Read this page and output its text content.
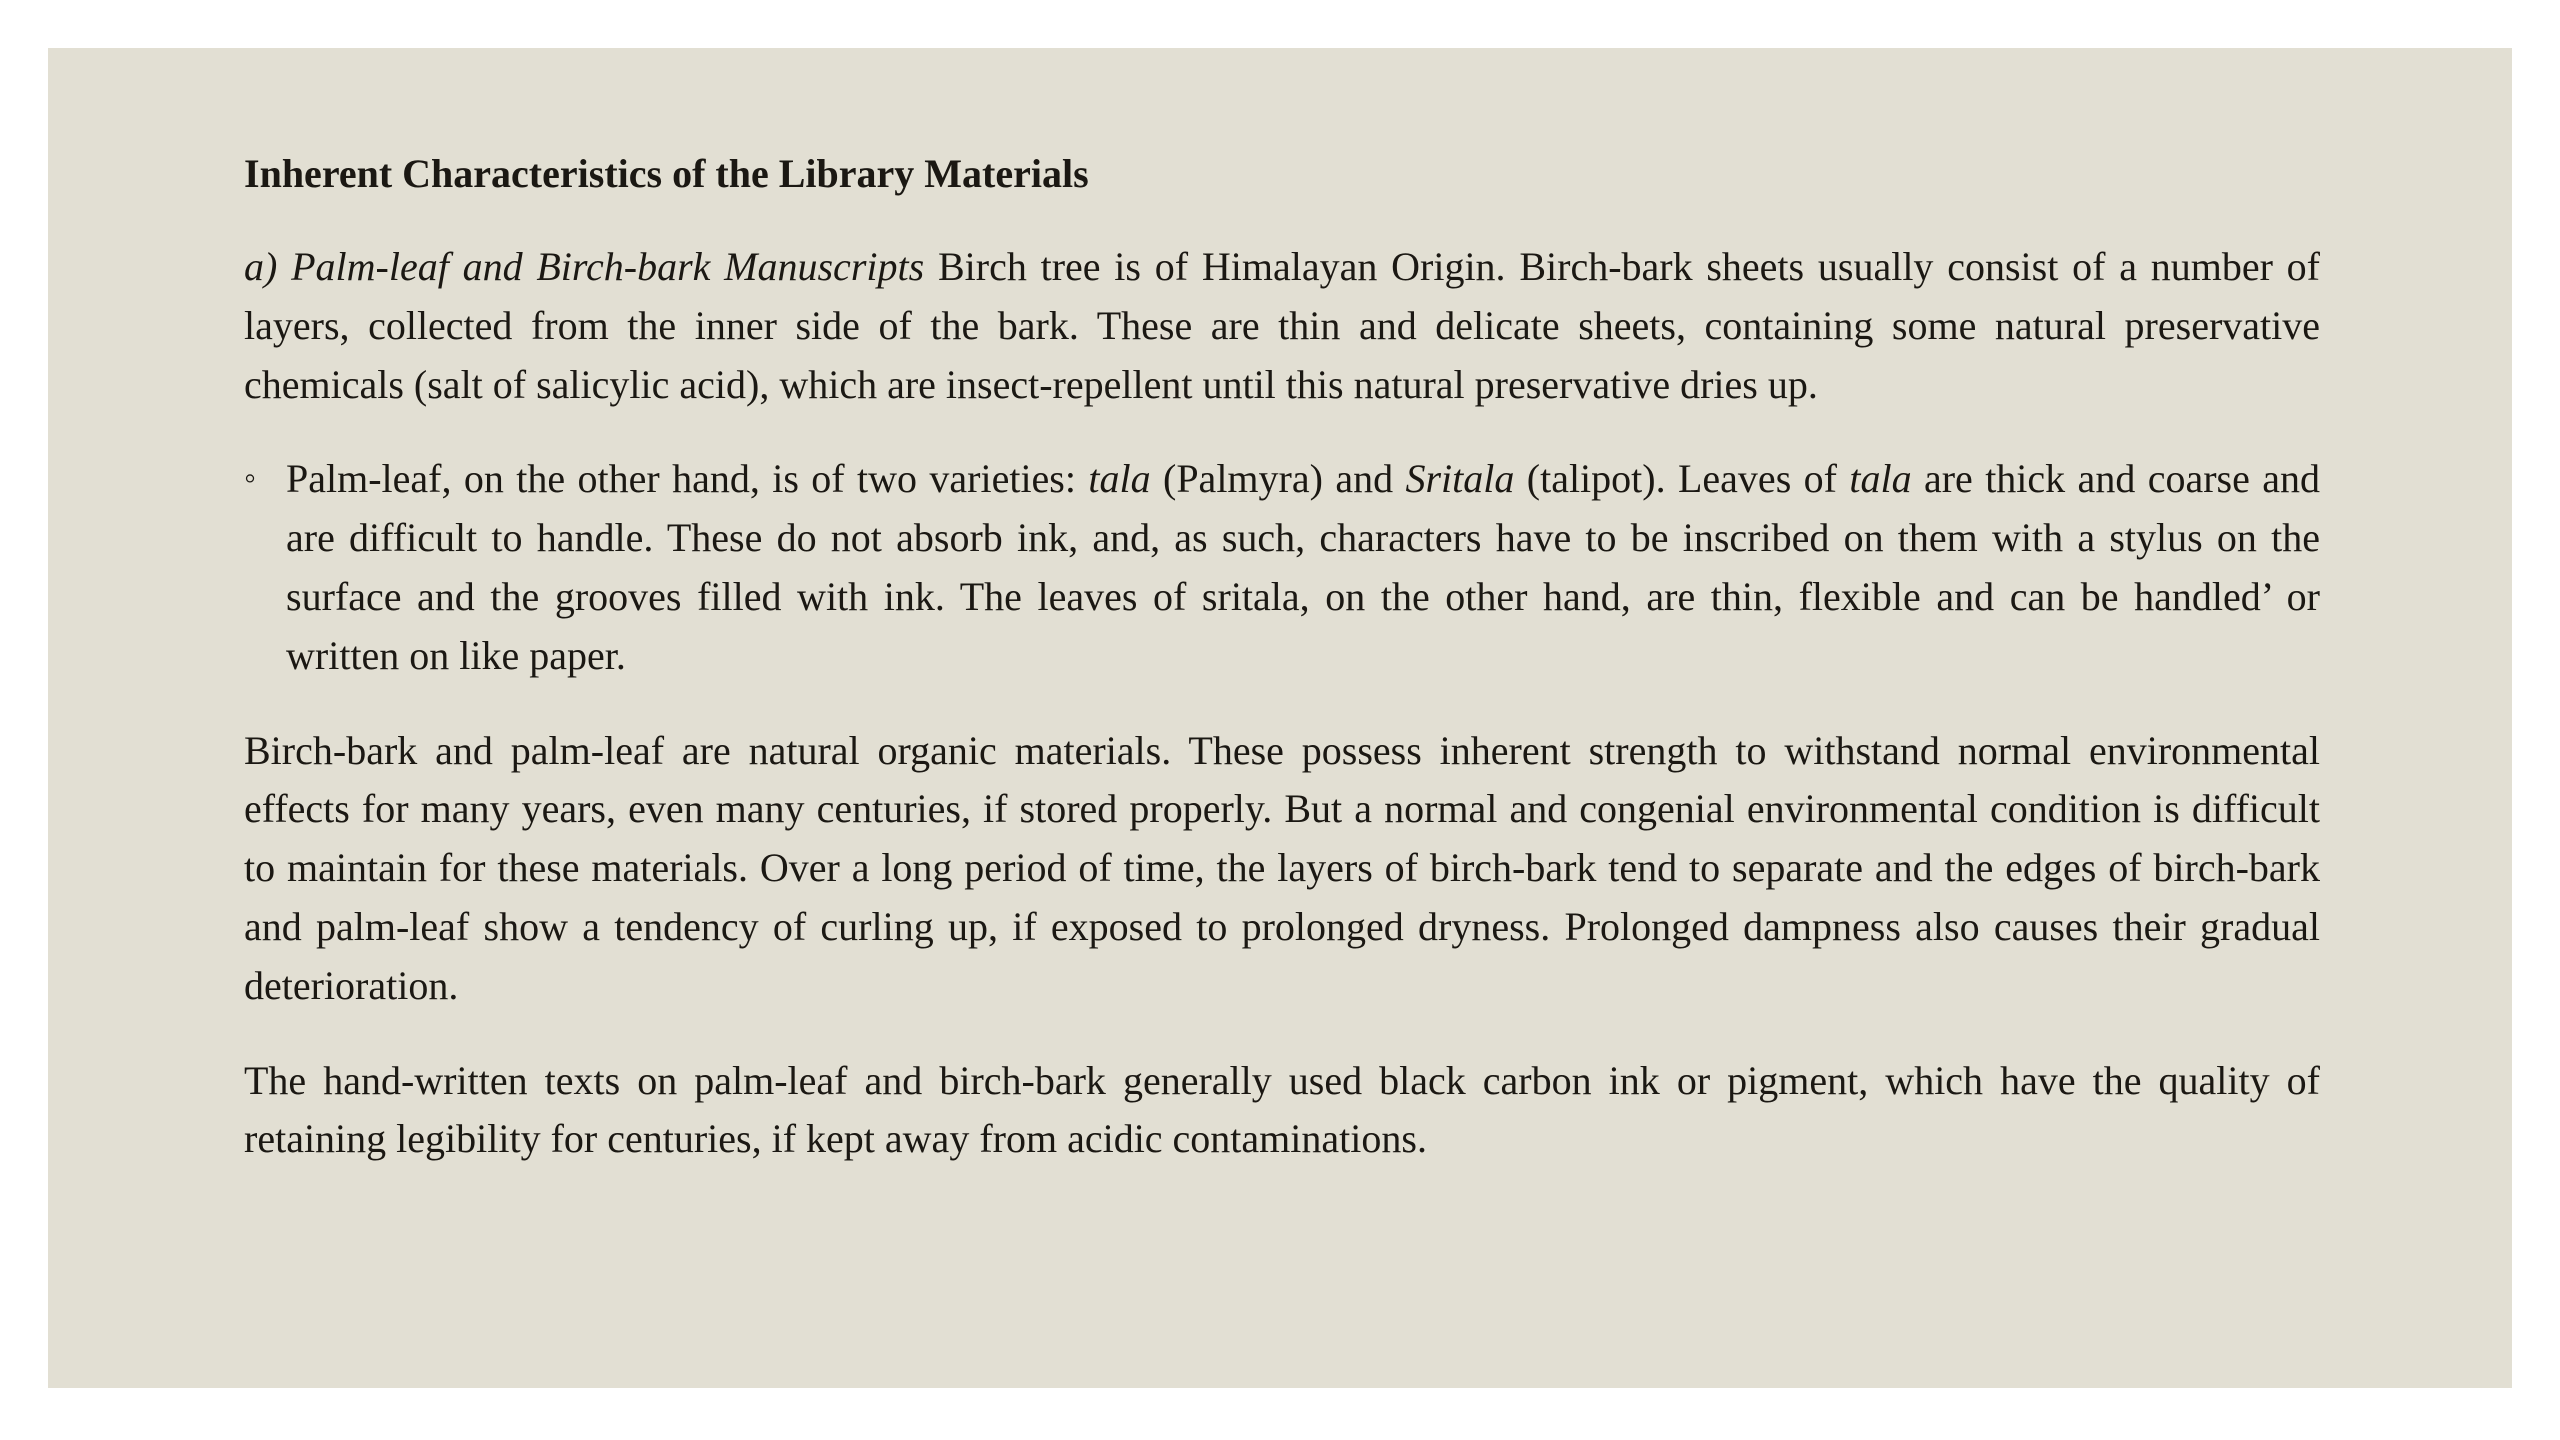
Inherent Characteristics of the Library Materials

a) Palm-leaf and Birch-bark Manuscripts Birch tree is of Himalayan Origin. Birch-bark sheets usually consist of a number of layers, collected from the inner side of the bark. These are thin and delicate sheets, containing some natural preservative chemicals (salt of salicylic acid), which are insect-repellent until this natural preservative dries up.

◦ Palm-leaf, on the other hand, is of two varieties: tala (Palmyra) and Sritala (talipot). Leaves of tala are thick and coarse and are difficult to handle. These do not absorb ink, and, as such, characters have to be inscribed on them with a stylus on the surface and the grooves filled with ink. The leaves of sritala, on the other hand, are thin, flexible and can be handled’ or written on like paper.

Birch-bark and palm-leaf are natural organic materials. These possess inherent strength to withstand normal environmental effects for many years, even many centuries, if stored properly. But a normal and congenial environmental condition is difficult to maintain for these materials. Over a long period of time, the layers of birch-bark tend to separate and the edges of birch-bark and palm-leaf show a tendency of curling up, if exposed to prolonged dryness. Prolonged dampness also causes their gradual deterioration.

The hand-written texts on palm-leaf and birch-bark generally used black carbon ink or pigment, which have the quality of retaining legibility for centuries, if kept away from acidic contaminations.
